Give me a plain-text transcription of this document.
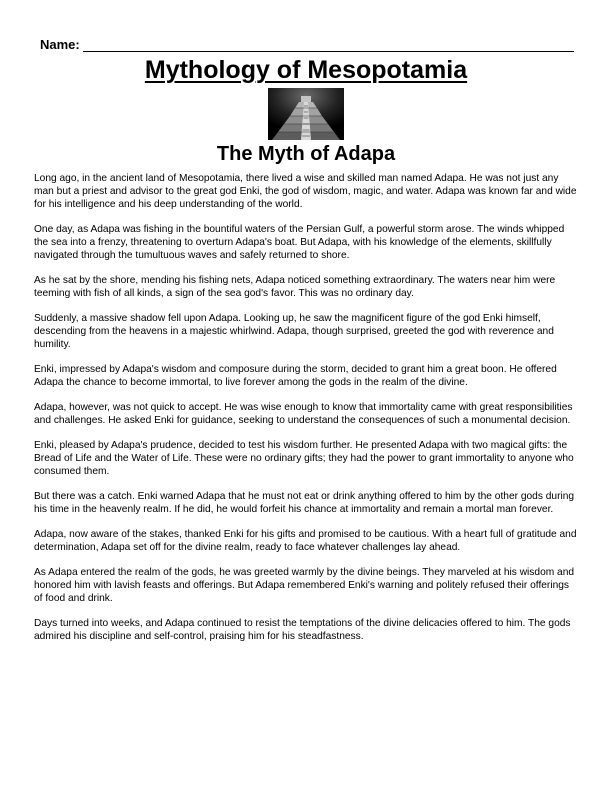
Name:
Mythology of Mesopotamia
The Myth of Adapa

Long ago, in the ancient land of Mesopotamia, there lived a wise and skilled man named Adapa. He was not just any man but a priest and advisor to the great god Enki, the god of wisdom, magic, and water. Adapa was known far and wide for his intelligence and his deep understanding of the world.

One day, as Adapa was fishing in the bountiful waters of the Persian Gulf, a powerful storm arose. The winds whipped the sea into a frenzy, threatening to overturn Adapa's boat. But Adapa, with his knowledge of the elements, skillfully navigated through the tumultuous waves and safely returned to shore.

As he sat by the shore, mending his fishing nets, Adapa noticed something extraordinary. The waters near him were teeming with fish of all kinds, a sign of the sea god's favor. This was no ordinary day.

Suddenly, a massive shadow fell upon Adapa. Looking up, he saw the magnificent figure of the god Enki himself, descending from the heavens in a majestic whirlwind. Adapa, though surprised, greeted the god with reverence and humility.

Enki, impressed by Adapa's wisdom and composure during the storm, decided to grant him a great boon. He offered Adapa the chance to become immortal, to live forever among the gods in the realm of the divine.

Adapa, however, was not quick to accept. He was wise enough to know that immortality came with great responsibilities and challenges. He asked Enki for guidance, seeking to understand the consequences of such a monumental decision.

Enki, pleased by Adapa's prudence, decided to test his wisdom further. He presented Adapa with two magical gifts: the Bread of Life and the Water of Life. These were no ordinary gifts; they had the power to grant immortality to anyone who consumed them.

But there was a catch. Enki warned Adapa that he must not eat or drink anything offered to him by the other gods during his time in the heavenly realm. If he did, he would forfeit his chance at immortality and remain a mortal man forever.

Adapa, now aware of the stakes, thanked Enki for his gifts and promised to be cautious. With a heart full of gratitude and determination, Adapa set off for the divine realm, ready to face whatever challenges lay ahead.

As Adapa entered the realm of the gods, he was greeted warmly by the divine beings. They marveled at his wisdom and honored him with lavish feasts and offerings. But Adapa remembered Enki's warning and politely refused their offerings of food and drink.

Days turned into weeks, and Adapa continued to resist the temptations of the divine delicacies offered to him. The gods admired his discipline and self-control, praising him for his steadfastness.
